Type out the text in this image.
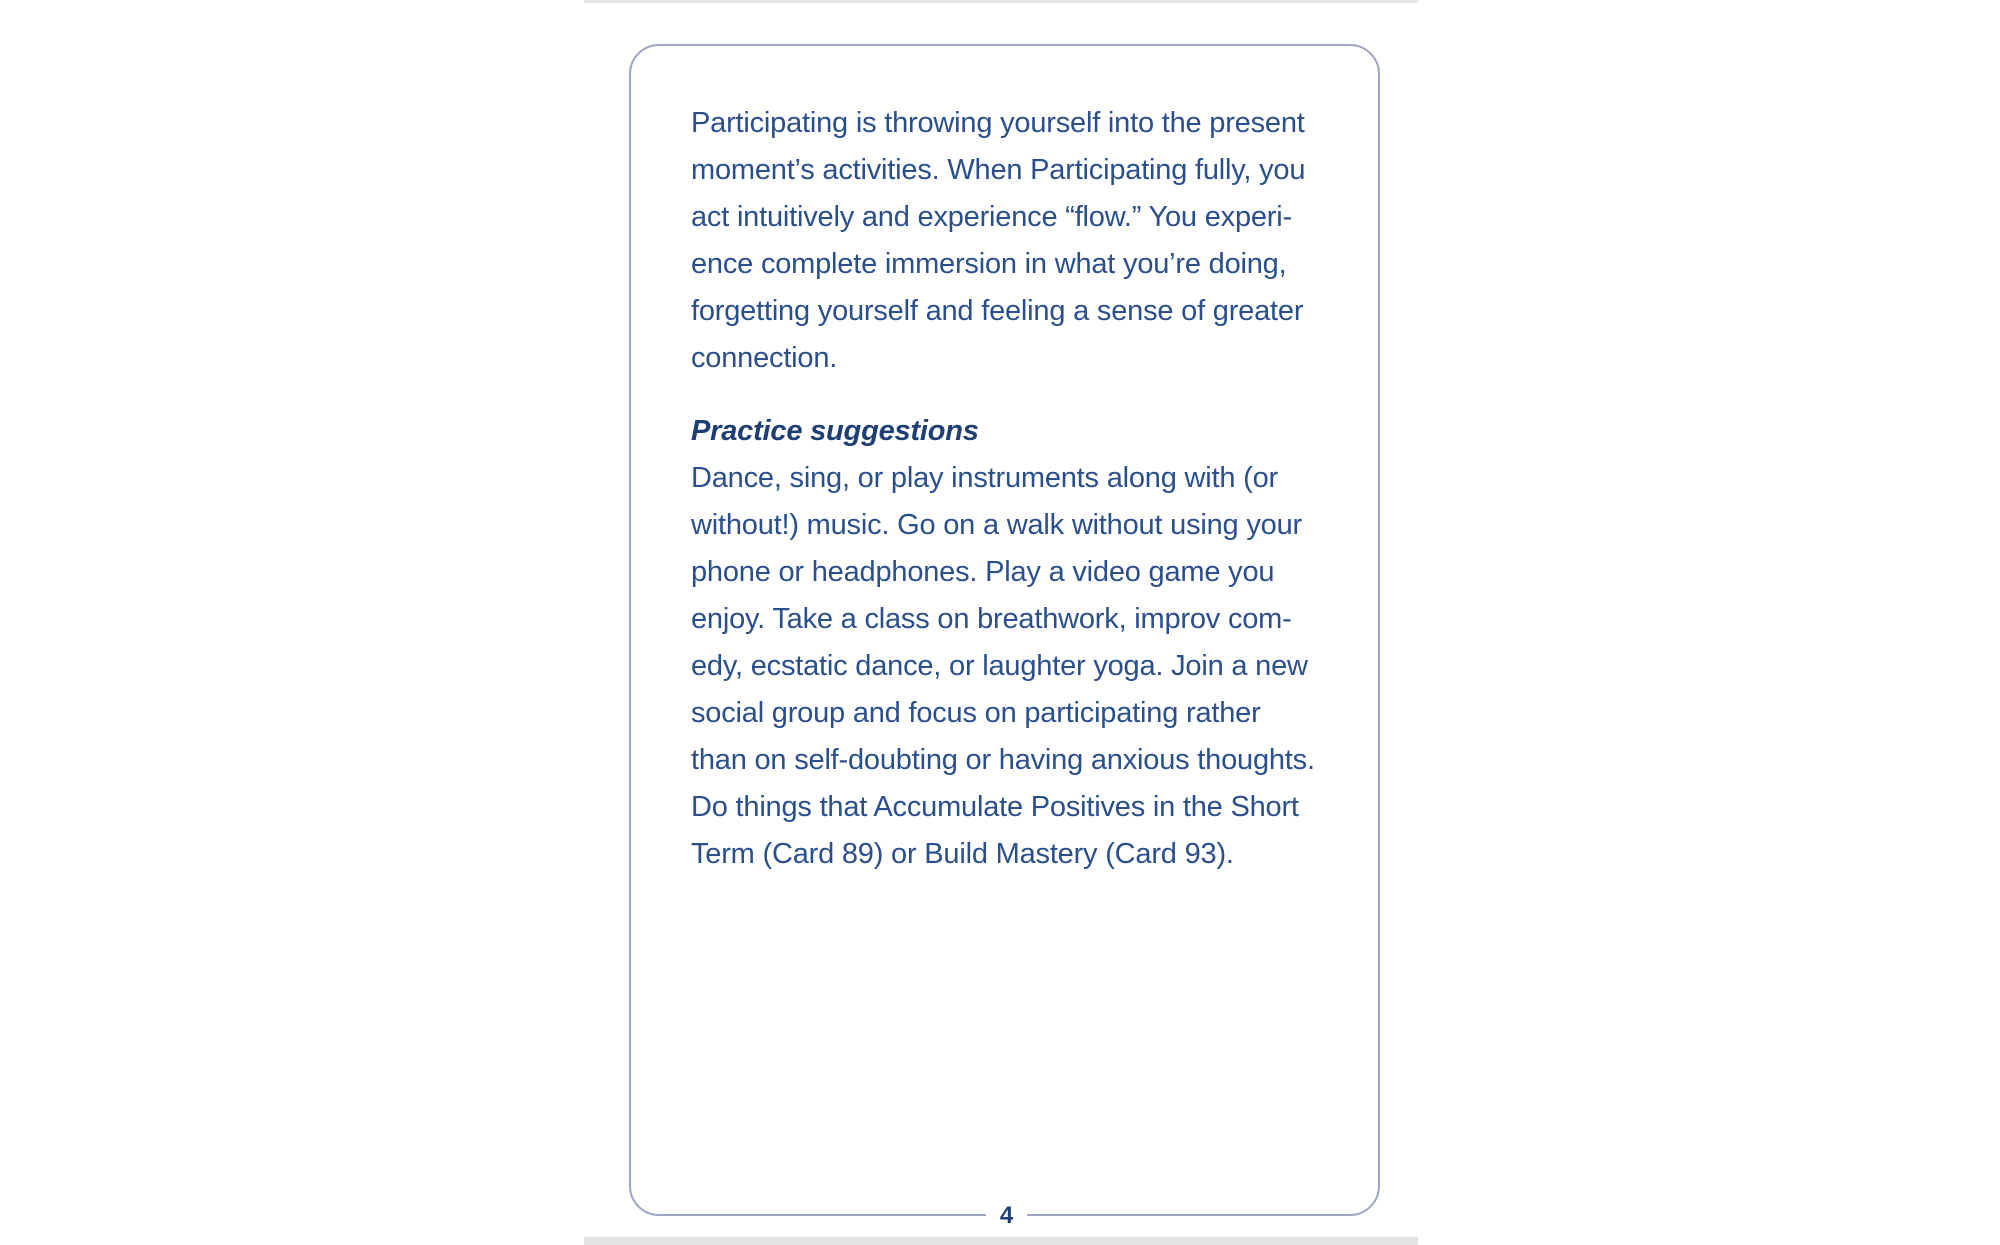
Participating is throwing yourself into the present
moment’s activities. When Participating fully, you
act intuitively and experience “flow.” You experi-
ence complete immersion in what you’re doing,
forgetting yourself and feeling a sense of greater
connection.

Practice suggestions

Dance, sing, or play instruments along with (or
without!) music. Go on a walk without using your
phone or headphones. Play a video game you
enjoy. Take a class on breathwork, improv com-
edy, ecstatic dance, or laughter yoga. Join a new
social group and focus on participating rather
than on self-doubting or having anxious thoughts.
Do things that Accumulate Positives in the Short
Term (Card 89) or Build Mastery (Card 93).

4
